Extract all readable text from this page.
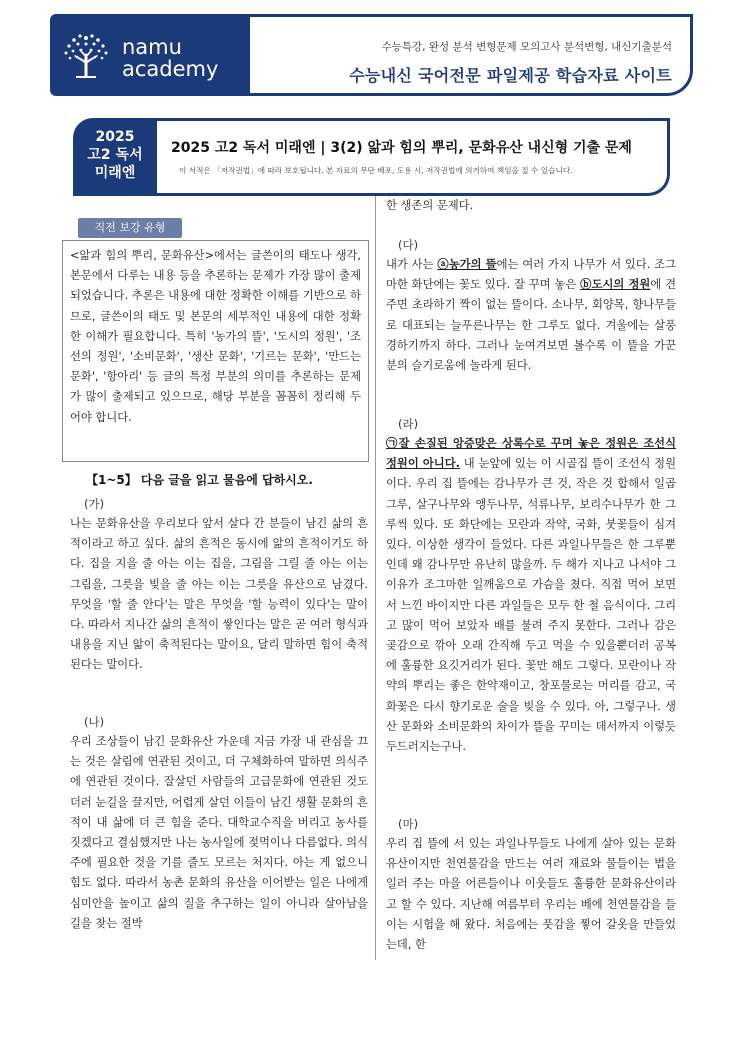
namu
academy
수능특강, 완성 분석 변형문제 모의고사 분석변형, 내신기출분석
수능내신 국어전문 파일제공 학습자료 사이트
2025
고2 독서
미래엔
2025 고2 독서 미래엔 | 3(2) 앎과 힘의 뿌리, 문화유산 내신형 기출 문제
이 서적은 「저작권법」에 따라 보호됩니다. 본 자료의 무단 배포, 도용 시, 저작권법에 의거하여 책임을 질 수 있습니다.
직전 보강 유형
<앎과 힘의 뿌리, 문화유산>에서는 글쓴이의 태도나 생각, 본문에서 다루는 내용 등을 추론하는 문제가 가장 많이 출제되었습니다. 추론은 내용에 대한 정확한 이해를 기반으로 하므로, 글쓴이의 태도 및 본문의 세부적인 내용에 대한 정확한 이해가 필요합니다. 특히 '농가의 뜰', '도시의 정원', '조선의 정원', '소비문화', '생산 문화', '기르는 문화', '만드는 문화', '항아리' 등 글의 특정 부분의 의미를 추론하는 문제가 많이 출제되고 있으므로, 해당 부분을 꼼꼼히 정리해 두어야 합니다.
【1~5】 다음 글을 읽고 물음에 답하시오.
(가)
나는 문화유산을 우리보다 앞서 살다 간 분들이 남긴 삶의 흔적이라고 하고 싶다. 삶의 흔적은 동시에 앎의 흔적이기도 하다. 집을 지을 줄 아는 이는 집을, 그림을 그릴 줄 아는 이는 그림을, 그릇을 빚을 줄 아는 이는 그릇을 유산으로 남겼다. 무엇을 '할 줄 안다'는 말은 무엇을 '할 능력이 있다'는 말이다. 따라서 지나간 삶의 흔적이 쌓인다는 말은 곧 여러 형식과 내용을 지닌 앎이 축적된다는 말이요, 달리 말하면 힘이 축적된다는 말이다.
(나)
우리 조상들이 남긴 문화유산 가운데 지금 가장 내 관심을 끄는 것은 살림에 연관된 것이고, 더 구체화하여 말하면 의식주에 연관된 것이다. 잘살던 사람들의 고급문화에 연관된 것도 더러 눈길을 끌지만, 어렵게 살던 이들이 남긴 생활 문화의 흔적이 내 삶에 더 큰 힘을 준다. 대학교수직을 버리고 농사를 짓겠다고 결심했지만 나는 농사일에 젖먹이나 다름없다. 의식주에 필요한 것을 기를 줄도 모르는 처지다. 아는 게 없으니 힘도 없다. 따라서 농촌 문화의 유산을 이어받는 일은 나에게 심미안을 높이고 삶의 질을 추구하는 일이 아니라 살아남을 길을 찾는 절박
한 생존의 문제다.
(다)
내가 사는 ⓐ농가의 뜰에는 여러 가지 나무가 서 있다. 조그마한 화단에는 꽃도 있다. 잘 꾸며 놓은 ⓑ도시의 정원에 견주면 초라하기 짝이 없는 뜰이다. 소나무, 회양목, 향나무들로 대표되는 늘푸른나무는 한 그루도 없다. 겨울에는 살풍경하기까지 하다. 그러나 눈여겨보면 볼수록 이 뜰을 가꾼 분의 슬기로움에 놀라게 된다.
(라)
㉠잘 손질된 앙증맞은 상록수로 꾸며 놓은 정원은 조선식 정원이 아니다. 내 눈앞에 있는 이 시골집 뜰이 조선식 정원이다. 우리 집 뜰에는 감나무가 큰 것, 작은 것 합해서 일곱 그루, 살구나무와 앵두나무, 석류나무, 보리수나무가 한 그루씩 있다. 또 화단에는 모란과 작약, 국화, 붓꽃들이 심겨 있다. 이상한 생각이 들었다. 다른 과일나무들은 한 그루뿐인데 왜 감나무만 유난히 많을까. 두 해가 지나고 나서야 그 이유가 조그마한 일깨움으로 가슴을 쳤다. 직접 먹어 보면서 느낀 바이지만 다른 과일들은 모두 한 철 음식이다. 그리고 많이 먹어 보았자 배를 불려 주지 못한다. 그러나 감은 곶감으로 깎아 오래 간직해 두고 먹을 수 있을뿐더러 공복에 훌륭한 요깃거리가 된다. 꽃만 해도 그렇다. 모란이나 작약의 뿌리는 좋은 한약재이고, 창포물로는 머리를 감고, 국화꽃은 다시 향기로운 술을 빚을 수 있다. 아, 그렇구나. 생산 문화와 소비문화의 차이가 뜰을 꾸미는 데서까지 이렇듯 두드러지는구나.
(마)
우리 집 뜰에 서 있는 과일나무들도 나에게 살아 있는 문화유산이지만 천연물감을 만드는 여러 재료와 물들이는 법을 일러 주는 마을 어른들이나 이웃들도 훌륭한 문화유산이라고 할 수 있다. 지난해 여름부터 우리는 베에 천연물감을 들이는 시험을 해 왔다. 처음에는 풋감을 찧어 갈옷을 만들었는데, 한
